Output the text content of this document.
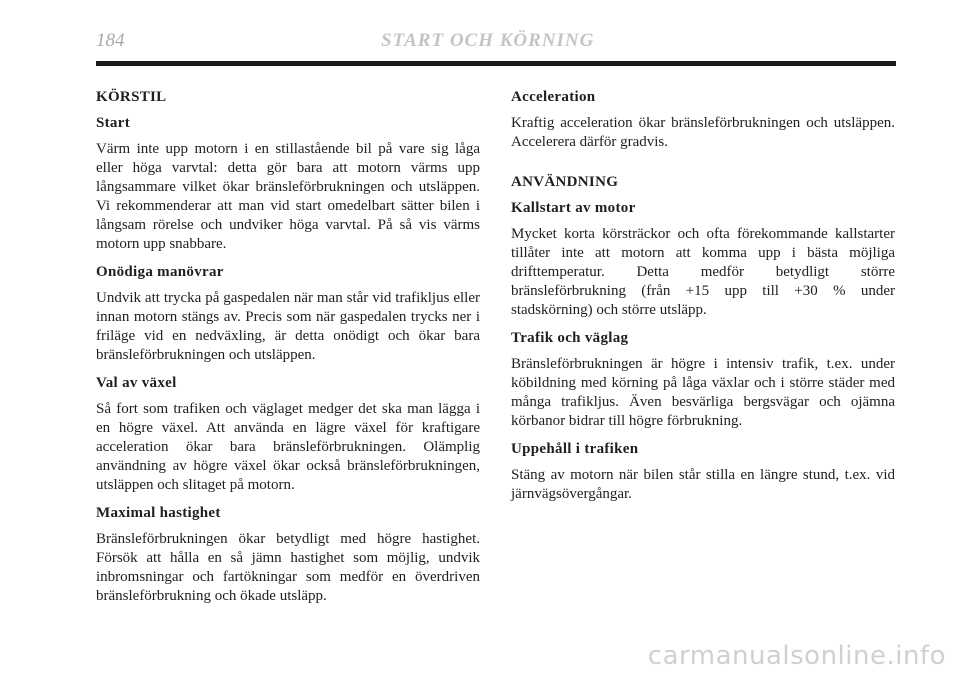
184	START OCH KÖRNING
KÖRSTIL
Start

Värm inte upp motorn i en stillastående bil på vare sig låga eller höga varvtal: detta gör bara att motorn värms upp långsammare vilket ökar bränsleförbrukningen och utsläppen. Vi rekommenderar att man vid start omedelbart sätter bilen i långsam rörelse och undviker höga varvtal. På så vis värms motorn upp snabbare.

Onödiga manövrar

Undvik att trycka på gaspedalen när man står vid trafikljus eller innan motorn stängs av. Precis som när gaspedalen trycks ner i friläge vid en nedväxling, är detta onödigt och ökar bara bränsleförbrukningen och utsläppen.

Val av växel

Så fort som trafiken och väglaget medger det ska man lägga i en högre växel. Att använda en lägre växel för kraftigare acceleration ökar bara bränsleförbrukningen. Olämplig användning av högre växel ökar också bränsleförbrukningen, utsläppen och slitaget på motorn.

Maximal hastighet

Bränsleförbrukningen ökar betydligt med högre hastighet. Försök att hålla en så jämn hastighet som möjlig, undvik inbromsningar och fartökningar som medför en överdriven bränsleförbrukning och ökade utsläpp.

Acceleration

Kraftig acceleration ökar bränsleförbrukningen och utsläppen. Accelerera därför gradvis.

ANVÄNDNING
Kallstart av motor

Mycket korta körsträckor och ofta förekommande kallstarter tillåter inte att motorn att komma upp i bästa möjliga drifttemperatur. Detta medför betydligt större bränsleförbrukning (från +15 upp till +30 % under stadskörning) och större utsläpp.

Trafik och väglag

Bränsleförbrukningen är högre i intensiv trafik, t.ex. under köbildning med körning på låga växlar och i större städer med många trafikljus. Även besvärliga bergsvägar och ojämna körbanor bidrar till högre förbrukning.

Uppehåll i trafiken

Stäng av motorn när bilen står stilla en längre stund, t.ex. vid järnvägsövergångar.

carmanualsonline.info
